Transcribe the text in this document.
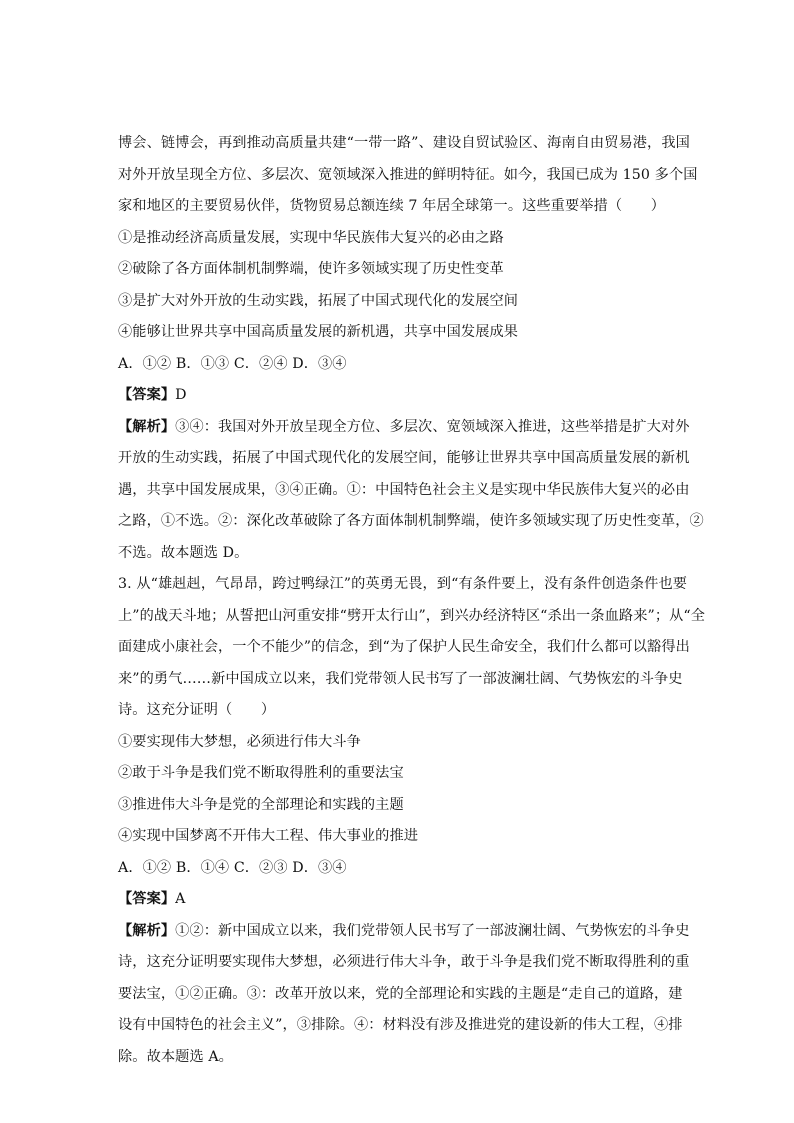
博会、链博会，再到推动高质量共建“一带一路”、建设自贸试验区、海南自由贸易港，我国
对外开放呈现全方位、多层次、宽领域深入推进的鲜明特征。如今，我国已成为 150 多个国
家和地区的主要贸易伙伴，货物贸易总额连续 7 年居全球第一。这些重要举措（　　）
①是推动经济高质量发展，实现中华民族伟大复兴的必由之路
②破除了各方面体制机制弊端，使许多领域实现了历史性变革
③是扩大对外开放的生动实践，拓展了中国式现代化的发展空间
④能够让世界共享中国高质量发展的新机遇，共享中国发展成果
A．①② B．①③ C．②④ D．③④
【答案】D
【解析】③④：我国对外开放呈现全方位、多层次、宽领域深入推进，这些举措是扩大对外
开放的生动实践，拓展了中国式现代化的发展空间，能够让世界共享中国高质量发展的新机
遇，共享中国发展成果，③④正确。①：中国特色社会主义是实现中华民族伟大复兴的必由
之路，①不选。②：深化改革破除了各方面体制机制弊端，使许多领域实现了历史性变革，②
不选。故本题选 D。
3. 从“雄赳赳，气昂昂，跨过鸭绿江”的英勇无畏，到“有条件要上，没有条件创造条件也要
上”的战天斗地；从誓把山河重安排“劈开太行山”，到兴办经济特区“杀出一条血路来”；从“全
面建成小康社会，一个不能少”的信念，到“为了保护人民生命安全，我们什么都可以豁得出
来”的勇气……新中国成立以来，我们党带领人民书写了一部波澜壮阔、气势恢宏的斗争史
诗。这充分证明（　　）
①要实现伟大梦想，必须进行伟大斗争
②敢于斗争是我们党不断取得胜利的重要法宝
③推进伟大斗争是党的全部理论和实践的主题
④实现中国梦离不开伟大工程、伟大事业的推进
A．①② B．①④ C．②③ D．③④
【答案】A
【解析】①②：新中国成立以来，我们党带领人民书写了一部波澜壮阔、气势恢宏的斗争史
诗，这充分证明要实现伟大梦想，必须进行伟大斗争，敢于斗争是我们党不断取得胜利的重
要法宝，①②正确。③：改革开放以来，党的全部理论和实践的主题是“走自己的道路，建
设有中国特色的社会主义”，③排除。④：材料没有涉及推进党的建设新的伟大工程，④排
除。故本题选 A。
